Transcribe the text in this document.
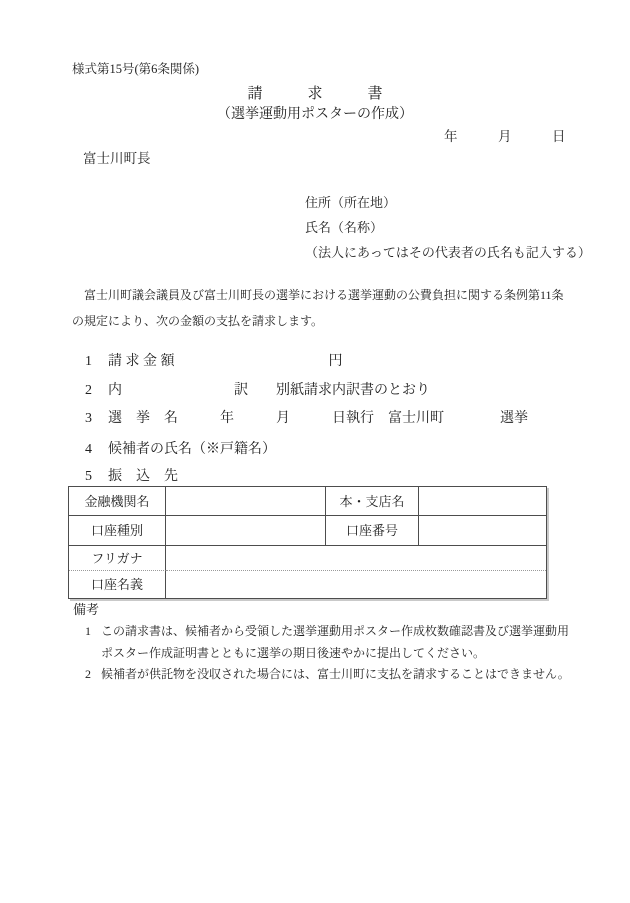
様式第15号(第6条関係)
請　　　求　　　書
（選挙運動用ポスターの作成）
年　　　月　　　日
富士川町長
住所（所在地）
氏名（名称）
（法人にあってはその代表者の氏名も記入する）
富士川町議会議員及び富士川町長の選挙における選挙運動の公費負担に関する条例第11条の規定により、次の金額の支払を請求します。
1	請 求 金 額　　　　　　　　　　　円
2	内　　　　　　　　訳　　別紙請求内訳書のとおり
3	選　挙　名　　　年　　　月　　　日執行　富士川町　　　　選挙
4	候補者の氏名（※戸籍名）
5	振　込　先
金融機関名	本・支店名
口座種別	口座番号
フリガナ
口座名義
備考
1 この請求書は、候補者から受領した選挙運動用ポスター作成枚数確認書及び選挙運動用ポスター作成証明書とともに選挙の期日後速やかに提出してください。
2 候補者が供託物を没収された場合には、富士川町に支払を請求することはできません。
